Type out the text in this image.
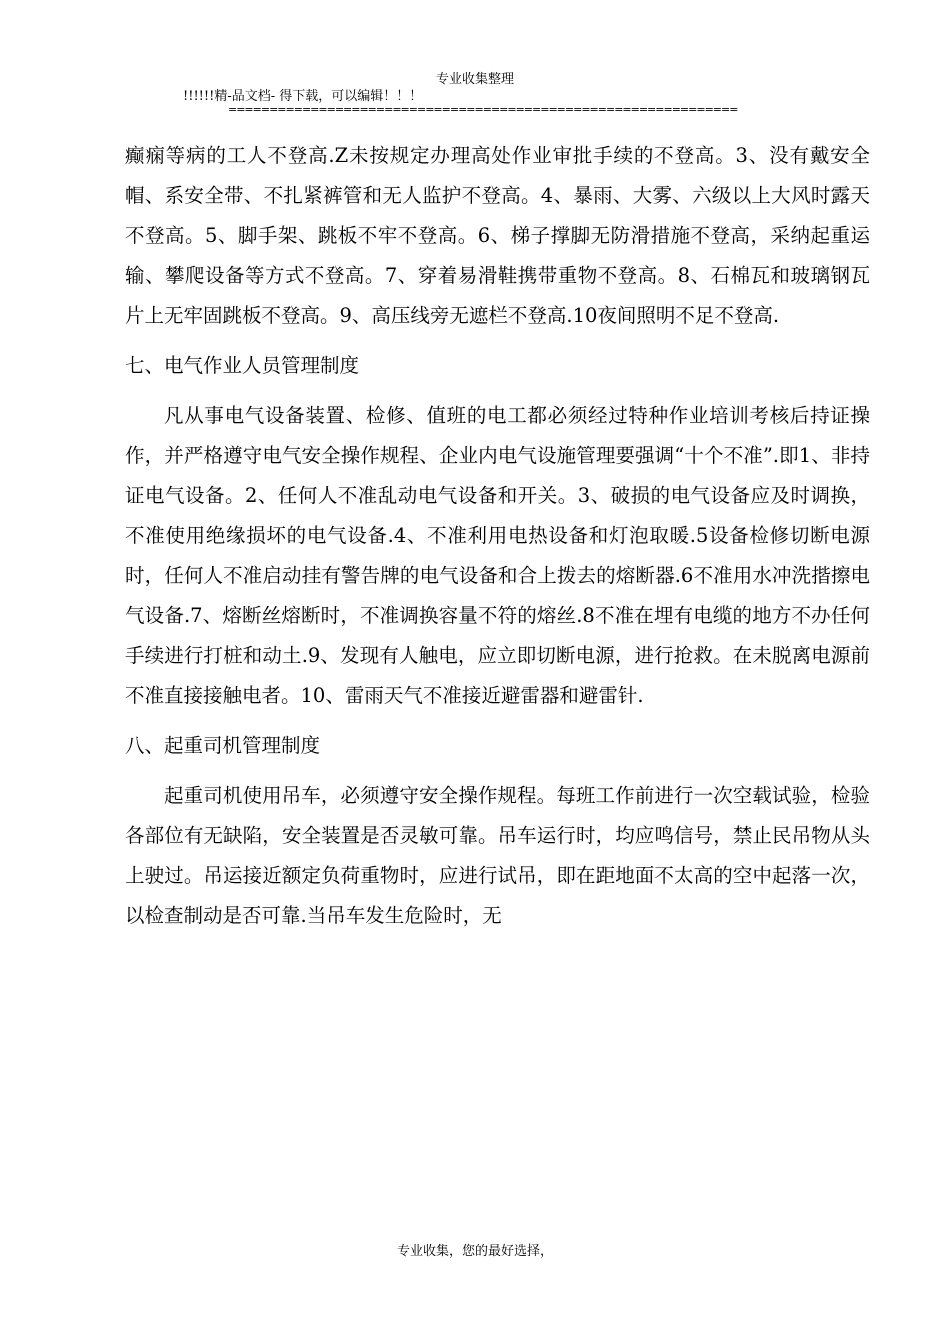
专业收集整理
!!!!!!精-品文档- 得下载，可以编辑！！！
==============================================================

癫痫等病的工人不登高.Z未按规定办理高处作业审批手续的不登高。3、没有戴安全帽、系安全带、不扎紧裤管和无人监护不登高。4、暴雨、大雾、六级以上大风时露天不登高。5、脚手架、跳板不牢不登高。6、梯子撑脚无防滑措施不登高，采纳起重运输、攀爬设备等方式不登高。7、穿着易滑鞋携带重物不登高。8、石棉瓦和玻璃钢瓦片上无牢固跳板不登高。9、高压线旁无遮栏不登高.10夜间照明不足不登高.

七、电气作业人员管理制度

凡从事电气设备装置、检修、值班的电工都必须经过特种作业培训考核后持证操作，并严格遵守电气安全操作规程、企业内电气设施管理要强调“十个不准”.即1、非持证电气设备。2、任何人不准乱动电气设备和开关。3、破损的电气设备应及时调换，不准使用绝缘损坏的电气设备.4、不准利用电热设备和灯泡取暖.5设备检修切断电源时，任何人不准启动挂有警告牌的电气设备和合上拨去的熔断器.6不准用水冲洗揩擦电气设备.7、熔断丝熔断时，不准调换容量不符的熔丝.8不准在埋有电缆的地方不办任何手续进行打桩和动土.9、发现有人触电，应立即切断电源，进行抢救。在未脱离电源前不准直接接触电者。10、雷雨天气不准接近避雷器和避雷针.

八、起重司机管理制度

起重司机使用吊车，必须遵守安全操作规程。每班工作前进行一次空载试验，检验各部位有无缺陷，安全装置是否灵敏可靠。吊车运行时，均应鸣信号，禁止民吊物从头上驶过。吊运接近额定负荷重物时，应进行试吊，即在距地面不太高的空中起落一次，以检查制动是否可靠.当吊车发生危险时，无

专业收集，您的最好选择，
